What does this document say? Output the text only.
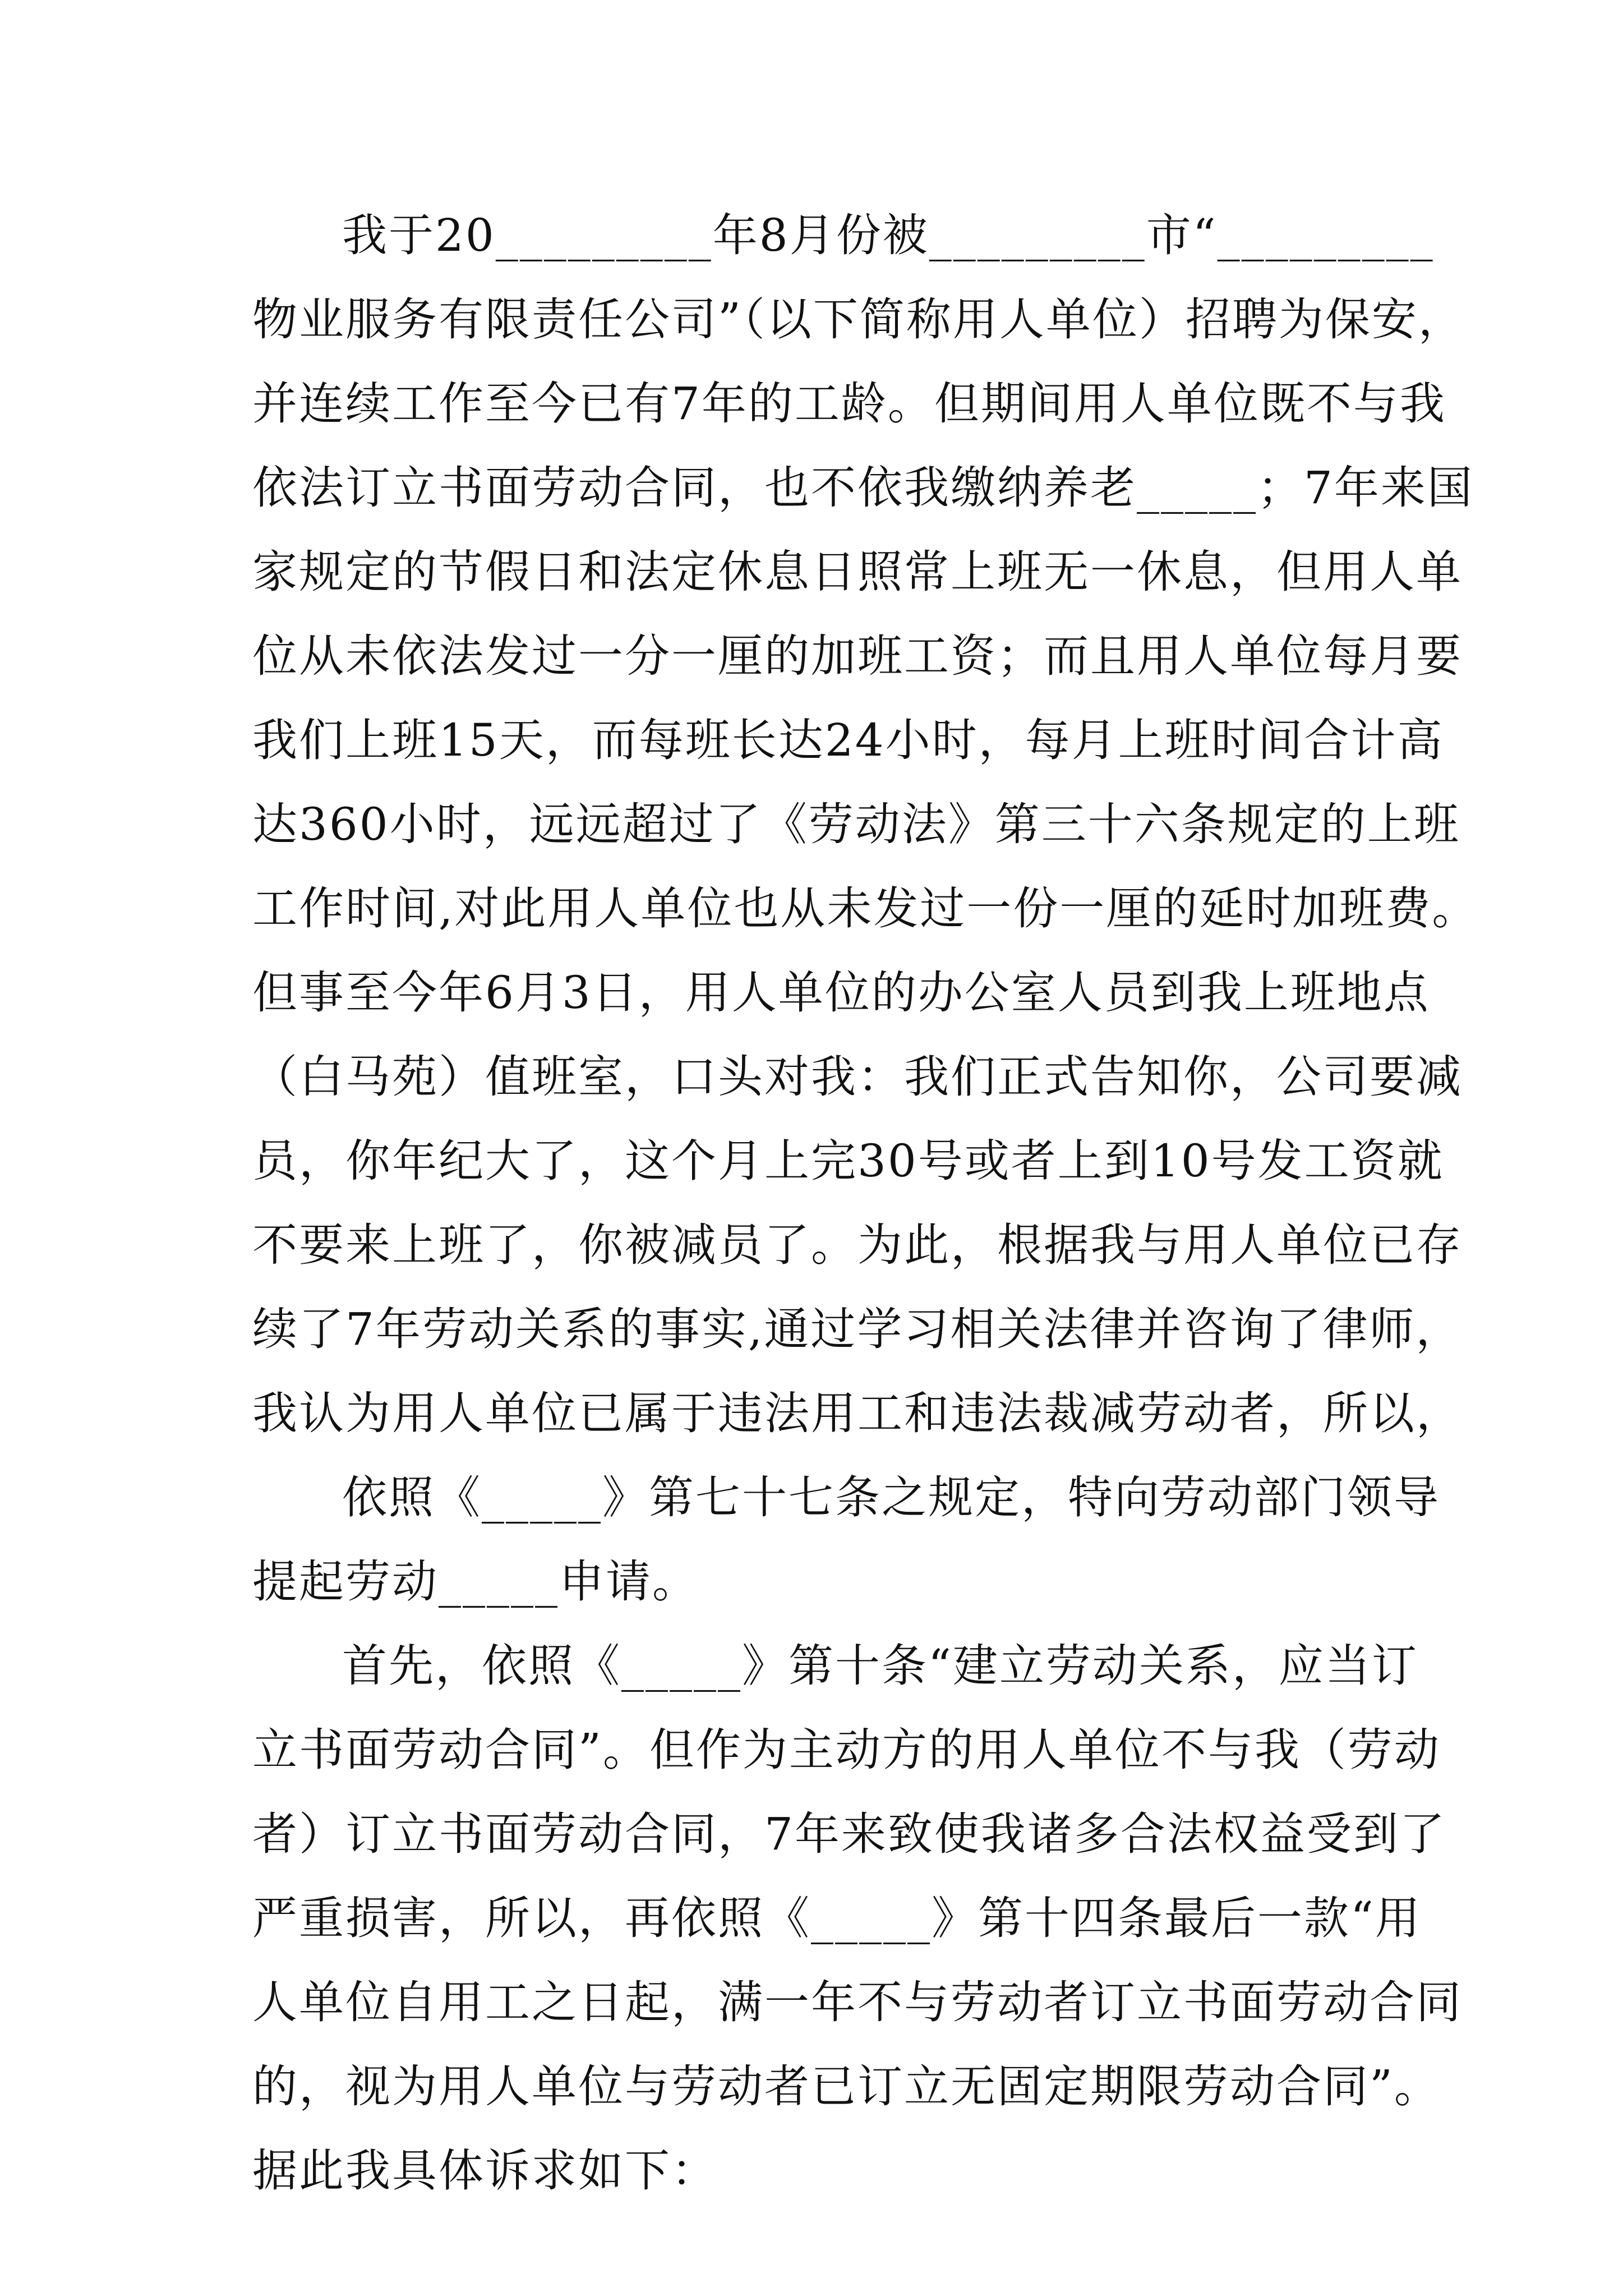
我于20_________年8月份被_________市“_________
物业服务有限责任公司”（以下简称用人单位）招聘为保安，
并连续工作至今已有7年的工龄。但期间用人单位既不与我
依法订立书面劳动合同，也不依我缴纳养老_____；7年来国
家规定的节假日和法定休息日照常上班无一休息，但用人单
位从未依法发过一分一厘的加班工资；而且用人单位每月要
我们上班15天，而每班长达24小时，每月上班时间合计高
达360小时，远远超过了《劳动法》第三十六条规定的上班
工作时间,对此用人单位也从未发过一份一厘的延时加班费。
但事至今年6月3日，用人单位的办公室人员到我上班地点
（白马苑）值班室，口头对我：我们正式告知你，公司要减
员，你年纪大了，这个月上完30号或者上到10号发工资就
不要来上班了，你被减员了。为此，根据我与用人单位已存
续了7年劳动关系的事实,通过学习相关法律并咨询了律师，
我认为用人单位已属于违法用工和违法裁减劳动者，所以，
依照《_____》第七十七条之规定，特向劳动部门领导
提起劳动_____申请。
首先，依照《_____》第十条“建立劳动关系，应当订
立书面劳动合同”。但作为主动方的用人单位不与我（劳动
者）订立书面劳动合同，7年来致使我诸多合法权益受到了
严重损害，所以，再依照《_____》第十四条最后一款“用
人单位自用工之日起，满一年不与劳动者订立书面劳动合同
的，视为用人单位与劳动者已订立无固定期限劳动合同”。
据此我具体诉求如下：
